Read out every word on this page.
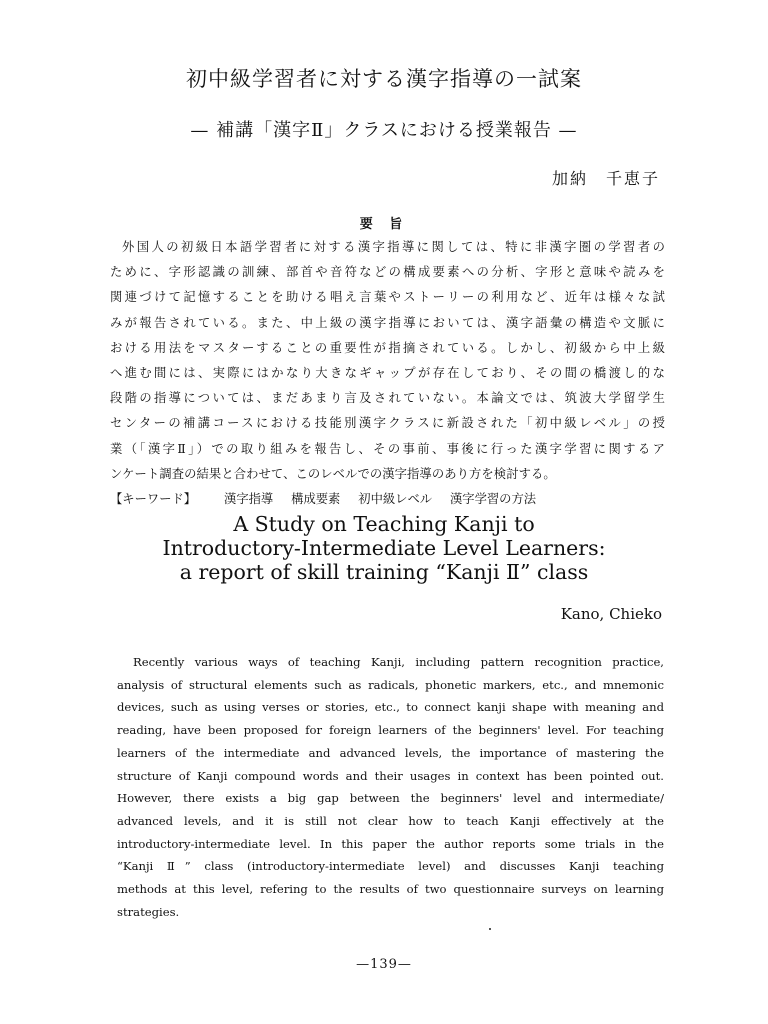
初中級学習者に対する漢字指導の一試案
— 補講「漢字Ⅱ」クラスにおける授業報告 —
加納　千恵子
要 旨
外国人の初級日本語学習者に対する漢字指導に関しては、特に非漢字圏の学習者の
ために、字形認識の訓練、部首や音符などの構成要素への分析、字形と意味や読みを
関連づけて記憶することを助ける唱え言葉やストーリーの利用など、近年は様々な試
みが報告されている。また、中上級の漢字指導においては、漢字語彙の構造や文脈に
おける用法をマスターすることの重要性が指摘されている。しかし、初級から中上級
へ進む間には、実際にはかなり大きなギャップが存在しており、その間の橋渡し的な
段階の指導については、まだあまり言及されていない。本論文では、筑波大学留学生
センターの補講コースにおける技能別漢字クラスに新設された「初中級レベル」の授
業（「漢字Ⅱ」）での取り組みを報告し、その事前、事後に行った漢字学習に関するア
ンケート調査の結果と合わせて、このレベルでの漢字指導のあり方を検討する。
【キーワード】 漢字指導 構成要素 初中級レベル 漢字学習の方法
A Study on Teaching Kanji to
Introductory-Intermediate Level Learners:
a report of skill training “Kanji Ⅱ” class
Kano, Chieko
Recently various ways of teaching Kanji, including pattern recognition practice,
analysis of structural elements such as radicals, phonetic markers, etc., and mnemonic
devices, such as using verses or stories, etc., to connect kanji shape with meaning and
reading, have been proposed for foreign learners of the beginners' level. For teaching
learners of the intermediate and advanced levels, the importance of mastering the
structure of Kanji compound words and their usages in context has been pointed out.
However, there exists a big gap between the beginners' level and intermediate/
advanced levels, and it is still not clear how to teach Kanji effectively at the
introductory-intermediate level. In this paper the author reports some trials in the
“Kanji Ⅱ” class (introductory-intermediate level) and discusses Kanji teaching
methods at this level, refering to the results of two questionnaire surveys on learning
strategies.
—139—
